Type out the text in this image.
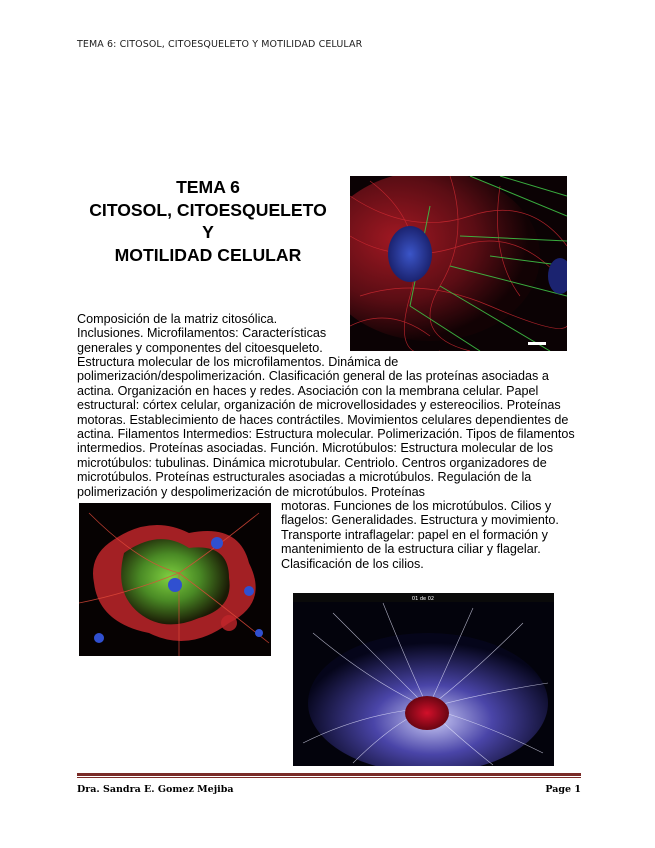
TEMA 6: CITOSOL, CITOESQUELETO Y MOTILIDAD CELULAR
TEMA 6
CITOSOL, CITOESQUELETO
Y
MOTILIDAD CELULAR
Composición de la matriz citosólica. Inclusiones. Microfilamentos: Características generales y componentes del citoesqueleto.
Estructura molecular de los microfilamentos. Dinámica de polimerización/despolimerización. Clasificación general de las proteínas asociadas a actina. Organización en haces y redes. Asociación con la membrana celular. Papel estructural: córtex celular, organización de microvellosidades y estereocilios. Proteínas motoras. Establecimiento de haces contráctiles. Movimientos celulares dependientes de actina. Filamentos Intermedios: Estructura molecular. Polimerización. Tipos de filamentos intermedios. Proteínas asociadas. Función. Microtúbulos: Estructura molecular de los microtúbulos: tubulinas. Dinámica microtubular. Centriolo. Centros organizadores de microtúbulos. Proteínas estructurales asociadas a microtúbulos. Regulación de la polimerización y despolimerización de microtúbulos. Proteínas
motoras. Funciones de los microtúbulos. Cilios y flagelos: Generalidades. Estructura y movimiento. Transporte intraflagelar: papel en el formación y mantenimiento de la estructura ciliar y flagelar. Clasificación de los cilios.
01 de 02
Dra. Sandra E. Gomez Mejiba	Page 1
